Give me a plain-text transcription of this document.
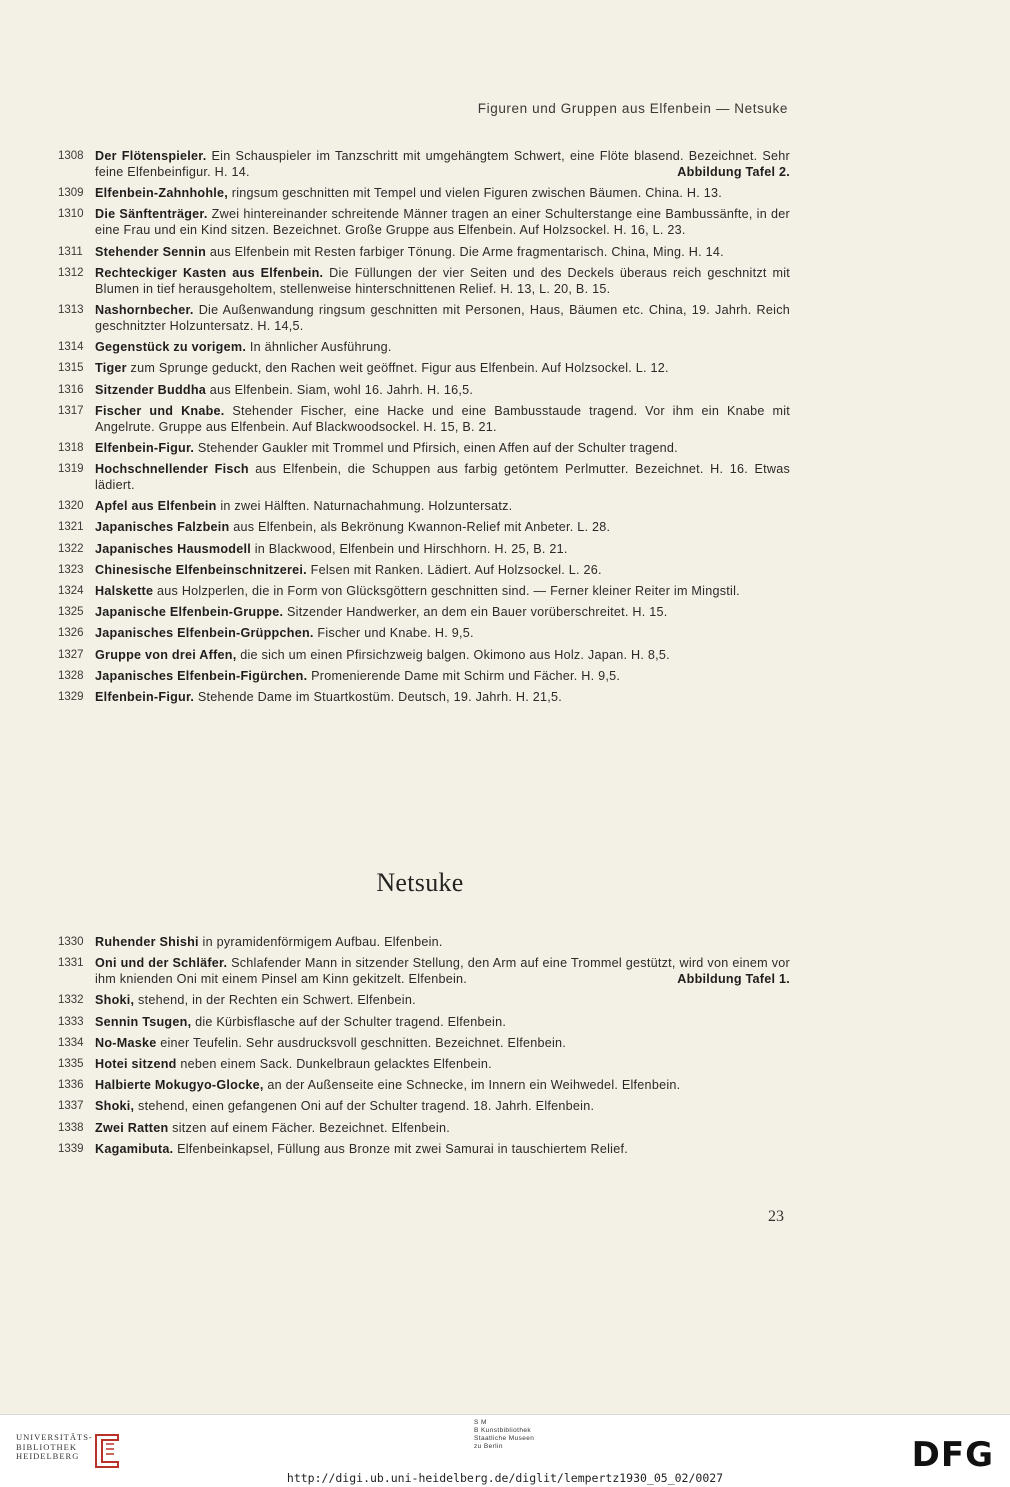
Figuren und Gruppen aus Elfenbein — Netsuke
1308 Der Flötenspieler. Ein Schauspieler im Tanzschritt mit umgehängtem Schwert, eine Flöte blasend. Bezeichnet. Sehr feine Elfenbeinfigur. H. 14.	Abbildung Tafel 2.
1309 Elfenbein-Zahnhohle, ringsum geschnitten mit Tempel und vielen Figuren zwischen Bäumen. China. H. 13.
1310 Die Sänftenträger. Zwei hintereinander schreitende Männer tragen an einer Schulterstange eine Bambussänfte, in der eine Frau und ein Kind sitzen. Bezeichnet. Große Gruppe aus Elfenbein. Auf Holzsockel. H. 16, L. 23.
1311 Stehender Sennin aus Elfenbein mit Resten farbiger Tönung. Die Arme fragmentarisch. China, Ming. H. 14.
1312 Rechteckiger Kasten aus Elfenbein. Die Füllungen der vier Seiten und des Deckels überaus reich geschnitzt mit Blumen in tief herausgeholtem, stellenweise hinterschnittenen Relief. H. 13, L. 20, B. 15.
1313 Nashornbecher. Die Außenwandung ringsum geschnitten mit Personen, Haus, Bäumen etc. China, 19. Jahrh. Reich geschnitzter Holzuntersatz. H. 14,5.
1314 Gegenstück zu vorigem. In ähnlicher Ausführung.
1315 Tiger zum Sprunge geduckt, den Rachen weit geöffnet. Figur aus Elfenbein. Auf Holzsockel. L. 12.
1316 Sitzender Buddha aus Elfenbein. Siam, wohl 16. Jahrh. H. 16,5.
1317 Fischer und Knabe. Stehender Fischer, eine Hacke und eine Bambusstaude tragend. Vor ihm ein Knabe mit Angelrute. Gruppe aus Elfenbein. Auf Blackwoodsockel. H. 15, B. 21.
1318 Elfenbein-Figur. Stehender Gaukler mit Trommel und Pfirsich, einen Affen auf der Schulter tragend.
1319 Hochschnellender Fisch aus Elfenbein, die Schuppen aus farbig getöntem Perlmutter. Bezeichnet. H. 16. Etwas lädiert.
1320 Apfel aus Elfenbein in zwei Hälften. Naturnachahmung. Holzuntersatz.
1321 Japanisches Falzbein aus Elfenbein, als Bekrönung Kwannon-Relief mit Anbeter. L. 28.
1322 Japanisches Hausmodell in Blackwood, Elfenbein und Hirschhorn. H. 25, B. 21.
1323 Chinesische Elfenbeinschnitzerei. Felsen mit Ranken. Lädiert. Auf Holzsockel. L. 26.
1324 Halskette aus Holzperlen, die in Form von Glücksgöttern geschnitten sind. — Ferner kleiner Reiter im Mingstil.
1325 Japanische Elfenbein-Gruppe. Sitzender Handwerker, an dem ein Bauer vorüberschreitet. H. 15.
1326 Japanisches Elfenbein-Grüppchen. Fischer und Knabe. H. 9,5.
1327 Gruppe von drei Affen, die sich um einen Pfirsichzweig balgen. Okimono aus Holz. Japan. H. 8,5.
1328 Japanisches Elfenbein-Figürchen. Promenierende Dame mit Schirm und Fächer. H. 9,5.
1329 Elfenbein-Figur. Stehende Dame im Stuartkostüm. Deutsch, 19. Jahrh. H. 21,5.
Netsuke
1330 Ruhender Shishi in pyramidenförmigem Aufbau. Elfenbein.
1331 Oni und der Schläfer. Schlafender Mann in sitzender Stellung, den Arm auf eine Trommel gestützt, wird von einem vor ihm knienden Oni mit einem Pinsel am Kinn gekitzelt. Elfenbein.	Abbildung Tafel 1.
1332 Shoki, stehend, in der Rechten ein Schwert. Elfenbein.
1333 Sennin Tsugen, die Kürbisflasche auf der Schulter tragend. Elfenbein.
1334 No-Maske einer Teufelin. Sehr ausdrucksvoll geschnitten. Bezeichnet. Elfenbein.
1335 Hotei sitzend neben einem Sack. Dunkelbraun gelacktes Elfenbein.
1336 Halbierte Mokugyo-Glocke, an der Außenseite eine Schnecke, im Innern ein Weihwedel. Elfenbein.
1337 Shoki, stehend, einen gefangenen Oni auf der Schulter tragend. 18. Jahrh. Elfenbein.
1338 Zwei Ratten sitzen auf einem Fächer. Bezeichnet. Elfenbein.
1339 Kagamibuta. Elfenbeinkapsel, Füllung aus Bronze mit zwei Samurai in tauschiertem Relief.
23
UNIVERSITÄTS-
BIBLIOTHEK
HEIDELBERG
S M
B Kunstbibliothek
Staatliche Museen
zu Berlin	DFG
http://digi.ub.uni-heidelberg.de/diglit/lempertz1930_05_02/0027
